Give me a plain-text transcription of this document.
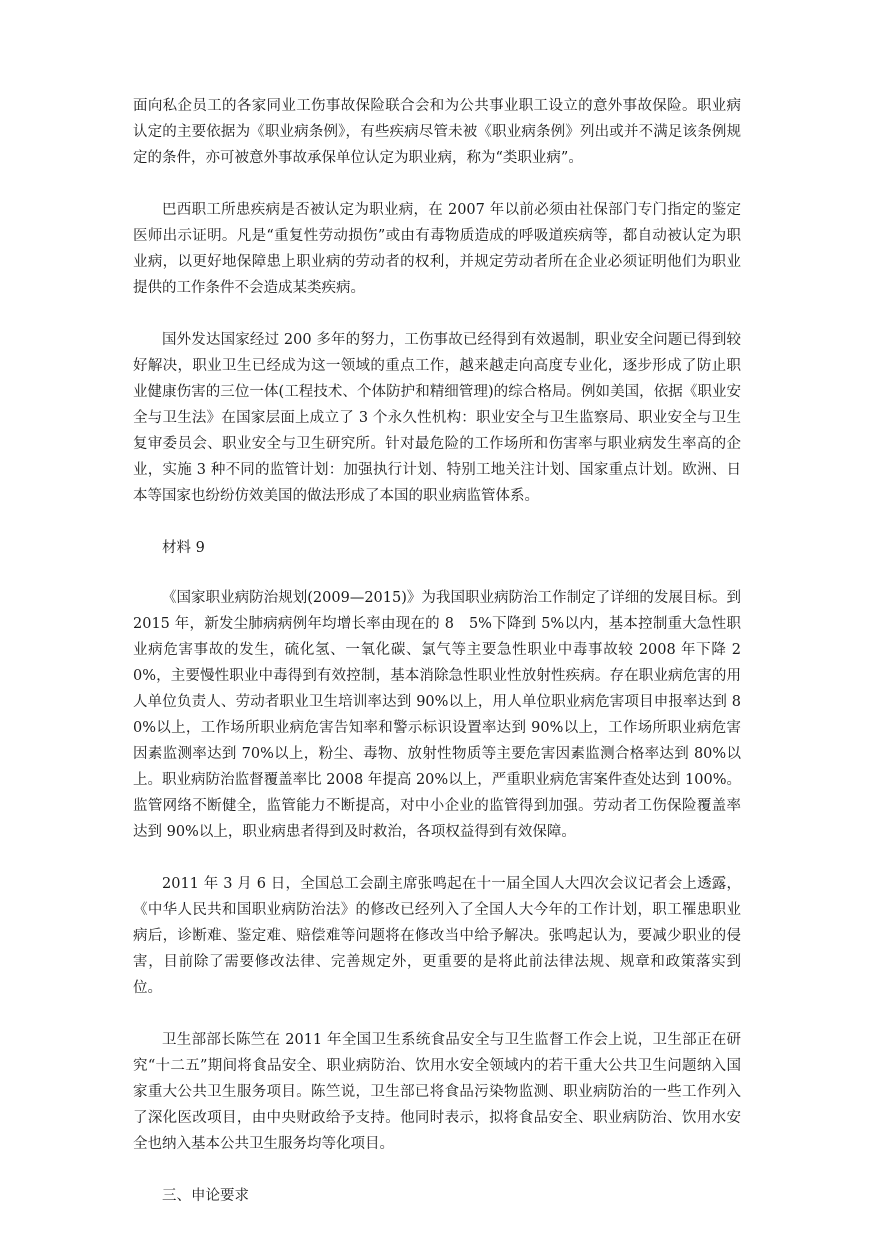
面向私企员工的各家同业工伤事故保险联合会和为公共事业职工设立的意外事故保险。职业病认定的主要依据为《职业病条例》，有些疾病尽管未被《职业病条例》列出或并不满足该条例规定的条件，亦可被意外事故承保单位认定为职业病，称为“类职业病”。

巴西职工所患疾病是否被认定为职业病，在 2007 年以前必须由社保部门专门指定的鉴定医师出示证明。凡是“重复性劳动损伤”或由有毒物质造成的呼吸道疾病等，都自动被认定为职业病，以更好地保障患上职业病的劳动者的权利，并规定劳动者所在企业必须证明他们为职业提供的工作条件不会造成某类疾病。

国外发达国家经过 200 多年的努力，工伤事故已经得到有效遏制，职业安全问题已得到较好解决，职业卫生已经成为这一领域的重点工作，越来越走向高度专业化，逐步形成了防止职业健康伤害的三位一体(工程技术、个体防护和精细管理)的综合格局。例如美国，依据《职业安全与卫生法》在国家层面上成立了 3 个永久性机构：职业安全与卫生监察局、职业安全与卫生复审委员会、职业安全与卫生研究所。针对最危险的工作场所和伤害率与职业病发生率高的企业，实施 3 种不同的监管计划：加强执行计划、特别工地关注计划、国家重点计划。欧洲、日本等国家也纷纷仿效美国的做法形成了本国的职业病监管体系。

材料 9

《国家职业病防治规划(2009—2015)》为我国职业病防治工作制定了详细的发展目标。到 2015 年，新发尘肺病病例年均增长率由现在的 8　5%下降到 5%以内，基本控制重大急性职业病危害事故的发生，硫化氢、一氧化碳、氯气等主要急性职业中毒事故较 2008 年下降 20%，主要慢性职业中毒得到有效控制，基本消除急性职业性放射性疾病。存在职业病危害的用人单位负责人、劳动者职业卫生培训率达到 90%以上，用人单位职业病危害项目申报率达到 80%以上，工作场所职业病危害告知率和警示标识设置率达到 90%以上，工作场所职业病危害因素监测率达到 70%以上，粉尘、毒物、放射性物质等主要危害因素监测合格率达到 80%以上。职业病防治监督覆盖率比 2008 年提高 20%以上，严重职业病危害案件查处达到 100%。监管网络不断健全，监管能力不断提高，对中小企业的监管得到加强。劳动者工伤保险覆盖率达到 90%以上，职业病患者得到及时救治，各项权益得到有效保障。

2011 年 3 月 6 日，全国总工会副主席张鸣起在十一届全国人大四次会议记者会上透露，《中华人民共和国职业病防治法》的修改已经列入了全国人大今年的工作计划，职工罹患职业病后，诊断难、鉴定难、赔偿难等问题将在修改当中给予解决。张鸣起认为，要减少职业的侵害，目前除了需要修改法律、完善规定外，更重要的是将此前法律法规、规章和政策落实到位。

卫生部部长陈竺在 2011 年全国卫生系统食品安全与卫生监督工作会上说，卫生部正在研究“十二五”期间将食品安全、职业病防治、饮用水安全领域内的若干重大公共卫生问题纳入国家重大公共卫生服务项目。陈竺说，卫生部已将食品污染物监测、职业病防治的一些工作列入了深化医改项目，由中央财政给予支持。他同时表示，拟将食品安全、职业病防治、饮用水安全也纳入基本公共卫生服务均等化项目。

三、申论要求
